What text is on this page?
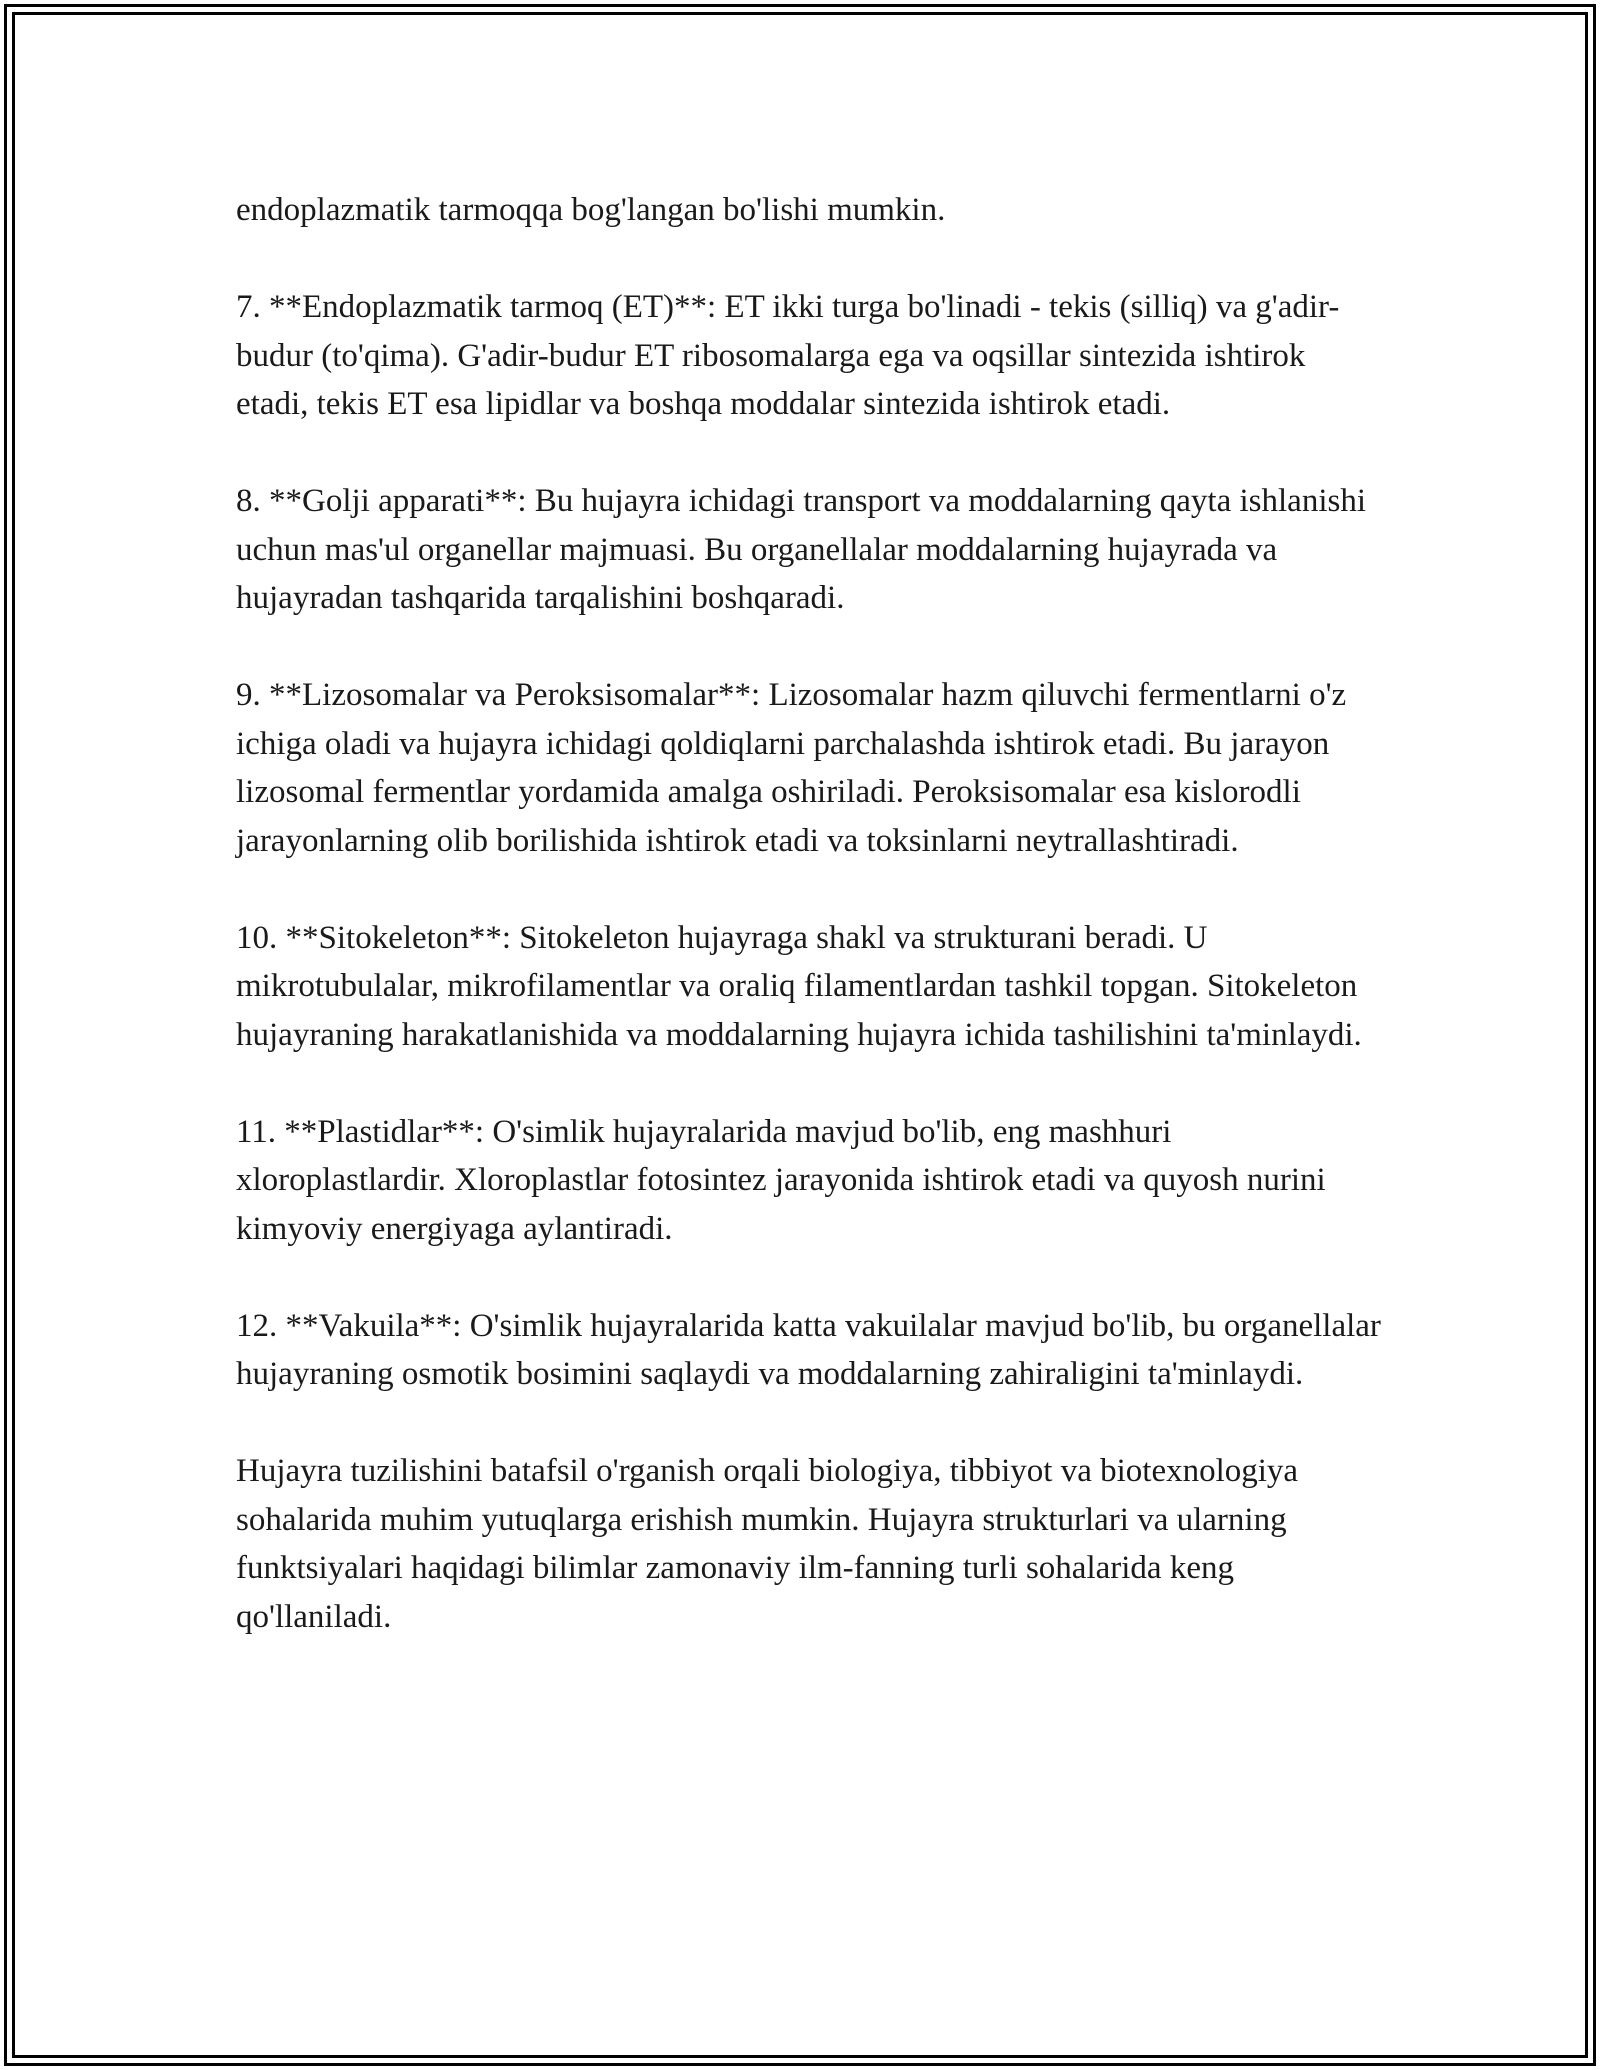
endoplazmatik tarmoqqa bog'langan bo'lishi mumkin.

7. **Endoplazmatik tarmoq (ET)**: ET ikki turga bo'linadi - tekis (silliq) va g'adir-budur (to'qima). G'adir-budur ET ribosomalarga ega va oqsillar sintezida ishtirok etadi, tekis ET esa lipidlar va boshqa moddalar sintezida ishtirok etadi.

8. **Golji apparati**: Bu hujayra ichidagi transport va moddalarning qayta ishlanishi uchun mas'ul organellar majmuasi. Bu organellalar moddalarning hujayrada va hujayradan tashqarida tarqalishini boshqaradi.

9. **Lizosomalar va Peroksisomalar**: Lizosomalar hazm qiluvchi fermentlarni o'z ichiga oladi va hujayra ichidagi qoldiqlarni parchalashda ishtirok etadi. Bu jarayon lizosomal fermentlar yordamida amalga oshiriladi. Peroksisomalar esa kislorodli jarayonlarning olib borilishida ishtirok etadi va toksinlarni neytrallashtiradi.

10. **Sitokeleton**: Sitokeleton hujayraga shakl va strukturani beradi. U mikrotubulalar, mikrofilamentlar va oraliq filamentlardan tashkil topgan. Sitokeleton hujayraning harakatlanishida va moddalarning hujayra ichida tashilishini ta'minlaydi.

11. **Plastidlar**: O'simlik hujayralarida mavjud bo'lib, eng mashhuri xloroplastlardir. Xloroplastlar fotosintez jarayonida ishtirok etadi va quyosh nurini kimyoviy energiyaga aylantiradi.

12. **Vakuila**: O'simlik hujayralarida katta vakuilalar mavjud bo'lib, bu organellalar hujayraning osmotik bosimini saqlaydi va moddalarning zahiraligini ta'minlaydi.

Hujayra tuzilishini batafsil o'rganish orqali biologiya, tibbiyot va biotexnologiya sohalarida muhim yutuqlarga erishish mumkin. Hujayra strukturlari va ularning funktsiyalari haqidagi bilimlar zamonaviy ilm-fanning turli sohalarida keng qo'llaniladi.
